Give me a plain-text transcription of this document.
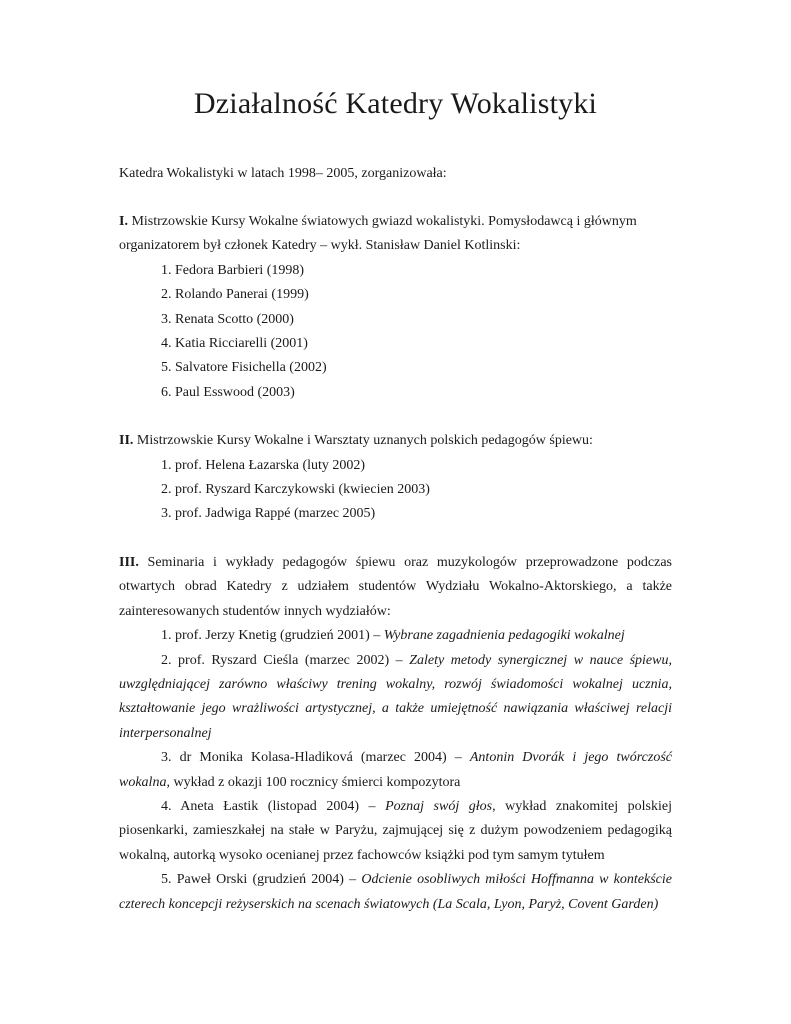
Działalność Katedry Wokalistyki

Katedra Wokalistyki w latach 1998– 2005, zorganizowała:

I. Mistrzowskie Kursy Wokalne światowych gwiazd wokalistyki. Pomysłodawcą i głównym organizatorem był członek Katedry – wykł. Stanisław Daniel Kotlinski:

1. Fedora Barbieri (1998)
2. Rolando Panerai (1999)
3. Renata Scotto (2000)
4. Katia Ricciarelli (2001)
5. Salvatore Fisichella (2002)
6. Paul Esswood (2003)

II. Mistrzowskie Kursy Wokalne i Warsztaty uznanych polskich pedagogów śpiewu:

1. prof. Helena Łazarska (luty 2002)
2. prof. Ryszard Karczykowski (kwiecien 2003)
3. prof. Jadwiga Rappé (marzec 2005)

III. Seminaria i wykłady pedagogów śpiewu oraz muzykologów przeprowadzone podczas otwartych obrad Katedry z udziałem studentów Wydziału Wokalno-Aktorskiego, a także zainteresowanych studentów innych wydziałów:

1. prof. Jerzy Knetig (grudzień 2001) – Wybrane zagadnienia pedagogiki wokalnej
2. prof. Ryszard Cieśla (marzec 2002) – Zalety metody synergicznej w nauce śpiewu, uwzględniającej zarówno właściwy trening wokalny, rozwój świadomości wokalnej ucznia, kształtowanie jego wrażliwości artystycznej, a także umiejętność nawiązania właściwej relacji interpersonalnej
3. dr Monika Kolasa-Hladiková (marzec 2004) – Antonin Dvorák i jego twórczość wokalna, wykład z okazji 100 rocznicy śmierci kompozytora
4. Aneta Łastik (listopad 2004) – Poznaj swój głos, wykład znakomitej polskiej piosenkarki, zamieszkałej na stałe w Paryżu, zajmującej się z dużym powodzeniem pedagogiką wokalną, autorką wysoko ocenianej przez fachowców książki pod tym samym tytułem
5. Paweł Orski (grudzień 2004) – Odcienie osobliwych miłości Hoffmanna w kontekście czterech koncepcji reżyserskich na scenach światowych (La Scala, Lyon, Paryż, Covent Garden)
